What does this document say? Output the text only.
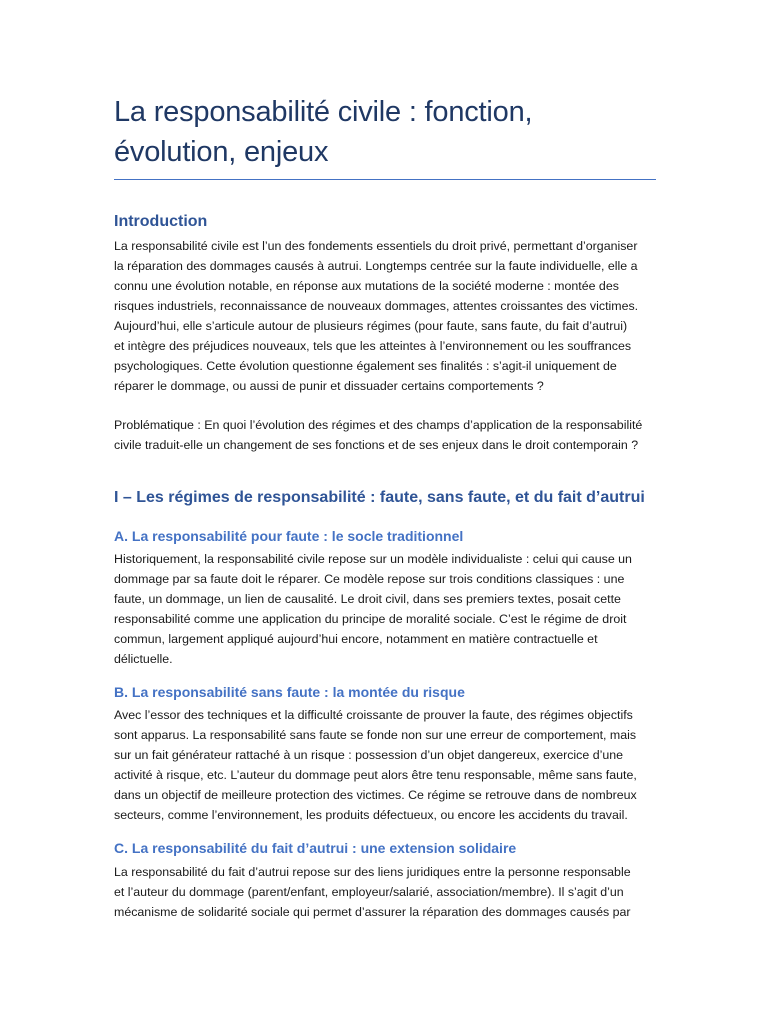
La responsabilité civile : fonction,
évolution, enjeux
Introduction

La responsabilité civile est l’un des fondements essentiels du droit privé, permettant d’organiser
la réparation des dommages causés à autrui. Longtemps centrée sur la faute individuelle, elle a
connu une évolution notable, en réponse aux mutations de la société moderne : montée des
risques industriels, reconnaissance de nouveaux dommages, attentes croissantes des victimes.
Aujourd’hui, elle s’articule autour de plusieurs régimes (pour faute, sans faute, du fait d’autrui)
et intègre des préjudices nouveaux, tels que les atteintes à l’environnement ou les souffrances
psychologiques. Cette évolution questionne également ses finalités : s’agit-il uniquement de
réparer le dommage, ou aussi de punir et dissuader certains comportements ?

Problématique : En quoi l’évolution des régimes et des champs d’application de la responsabilité
civile traduit-elle un changement de ses fonctions et de ses enjeux dans le droit contemporain ?

I – Les régimes de responsabilité : faute, sans faute, et du fait d’autrui
A. La responsabilité pour faute : le socle traditionnel

Historiquement, la responsabilité civile repose sur un modèle individualiste : celui qui cause un
dommage par sa faute doit le réparer. Ce modèle repose sur trois conditions classiques : une
faute, un dommage, un lien de causalité. Le droit civil, dans ses premiers textes, posait cette
responsabilité comme une application du principe de moralité sociale. C’est le régime de droit
commun, largement appliqué aujourd’hui encore, notamment en matière contractuelle et
délictuelle.

B. La responsabilité sans faute : la montée du risque

Avec l’essor des techniques et la difficulté croissante de prouver la faute, des régimes objectifs
sont apparus. La responsabilité sans faute se fonde non sur une erreur de comportement, mais
sur un fait générateur rattaché à un risque : possession d’un objet dangereux, exercice d’une
activité à risque, etc. L’auteur du dommage peut alors être tenu responsable, même sans faute,
dans un objectif de meilleure protection des victimes. Ce régime se retrouve dans de nombreux
secteurs, comme l’environnement, les produits défectueux, ou encore les accidents du travail.

C. La responsabilité du fait d’autrui : une extension solidaire

La responsabilité du fait d’autrui repose sur des liens juridiques entre la personne responsable
et l’auteur du dommage (parent/enfant, employeur/salarié, association/membre). Il s’agit d’un
mécanisme de solidarité sociale qui permet d’assurer la réparation des dommages causés par
